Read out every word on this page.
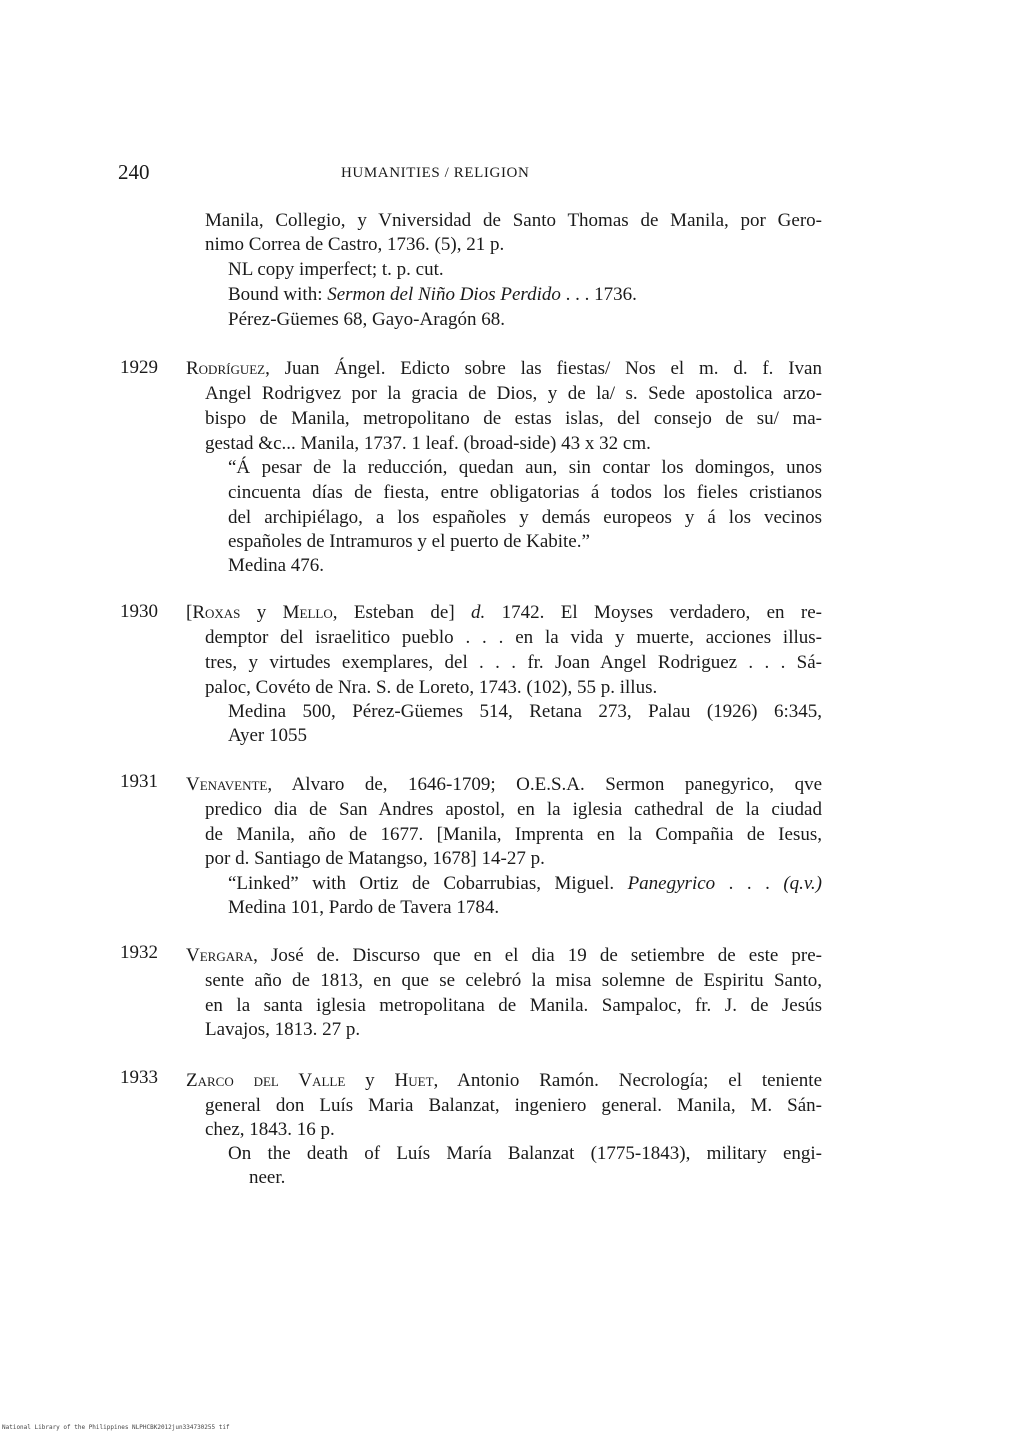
240	HUMANITIES / RELIGION
Manila, Collegio, y Vniversidad de Santo Thomas de Manila, por Gero-
nimo Correa de Castro, 1736. (5), 21 p.
NL copy imperfect; t. p. cut.
Bound with: Sermon del Niño Dios Perdido . . . 1736.
Pérez-Güemes 68, Gayo-Aragón 68.
1929 Rodríguez, Juan Ángel. Edicto sobre las fiestas/ Nos el m. d. f. Ivan
Angel Rodrigvez por la gracia de Dios, y de la/ s. Sede apostolica arzo-
bispo de Manila, metropolitano de estas islas, del consejo de su/ ma-
gestad &c... Manila, 1737. 1 leaf. (broad-side) 43 x 32 cm.
“Á pesar de la reducción, quedan aun, sin contar los domingos, unos
cincuenta días de fiesta, entre obligatorias á todos los fieles cristianos
del archipiélago, a los españoles y demás europeos y á los vecinos
españoles de Intramuros y el puerto de Kabite.”
Medina 476.
1930 [Roxas y Mello, Esteban de] d. 1742. El Moyses verdadero, en re-
demptor del israelitico pueblo . . . en la vida y muerte, acciones illus-
tres, y virtudes exemplares, del . . . fr. Joan Angel Rodriguez . . . Sá-
paloc, Covéto de Nra. S. de Loreto, 1743. (102), 55 p. illus.
Medina 500, Pérez-Güemes 514, Retana 273, Palau (1926) 6:345,
Ayer 1055
1931 Venavente, Alvaro de, 1646-1709; O.E.S.A. Sermon panegyrico, qve
predico dia de San Andres apostol, en la iglesia cathedral de la ciudad
de Manila, año de 1677. [Manila, Imprenta en la Compañia de Iesus,
por d. Santiago de Matangso, 1678] 14-27 p.
“Linked” with Ortiz de Cobarrubias, Miguel. Panegyrico . . . (q.v.)
Medina 101, Pardo de Tavera 1784.
1932 Vergara, José de. Discurso que en el dia 19 de setiembre de este pre-
sente año de 1813, en que se celebró la misa solemne de Espiritu Santo,
en la santa iglesia metropolitana de Manila. Sampaloc, fr. J. de Jesús
Lavajos, 1813. 27 p.
1933 Zarco del Valle y Huet, Antonio Ramón. Necrología; el teniente
general don Luís Maria Balanzat, ingeniero general. Manila, M. Sán-
chez, 1843. 16 p.
On the death of Luís María Balanzat (1775-1843), military engi-
neer.
National Library of the Philippines NLPHCBK2012jun334730255 tif
